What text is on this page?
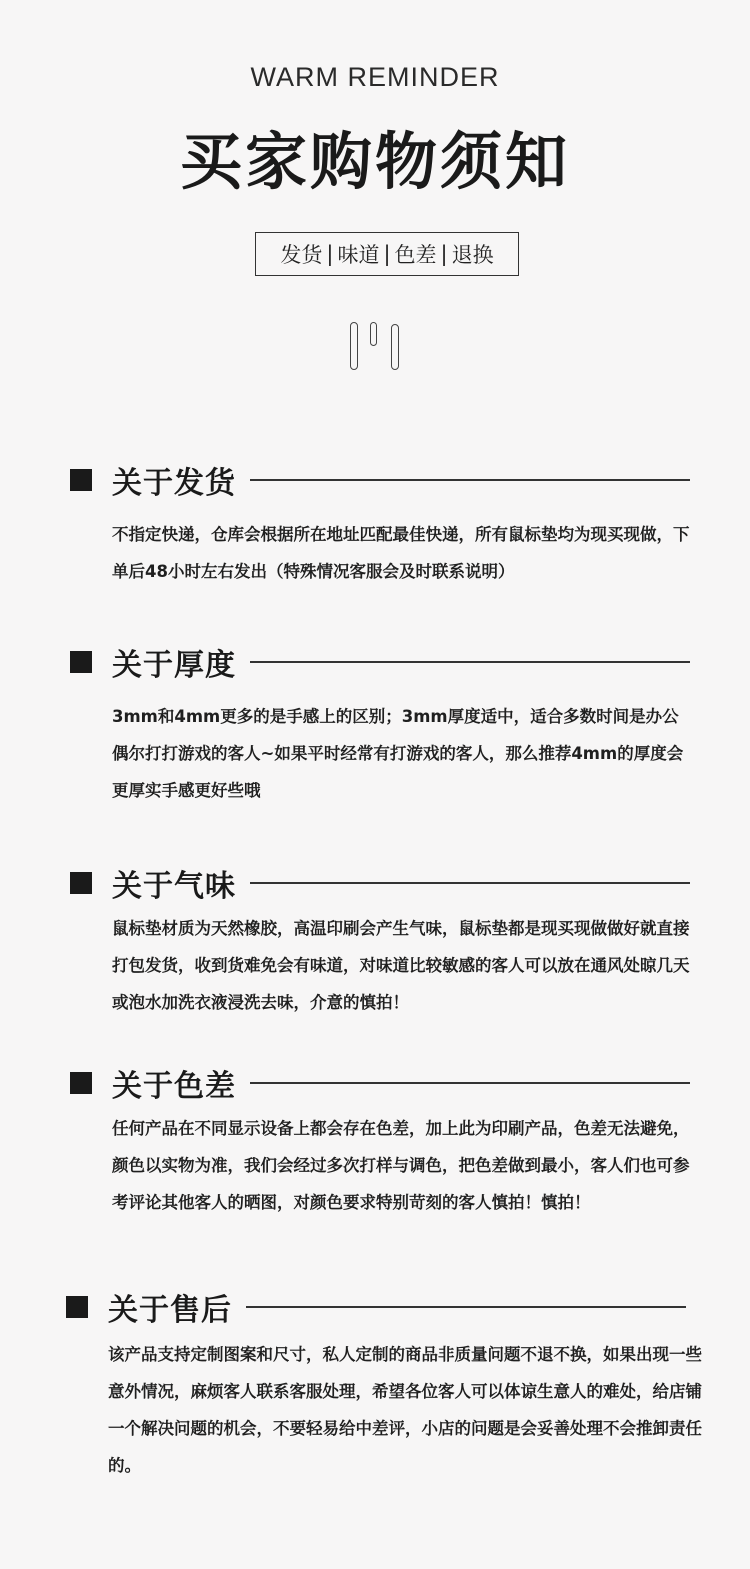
WARM REMINDER
买家购物须知
发货 | 味道 | 色差 | 退换
关于发货
不指定快递，仓库会根据所在地址匹配最佳快递，所有鼠标垫均为现买现做，下单后48小时左右发出（特殊情况客服会及时联系说明）
关于厚度
3mm和4mm更多的是手感上的区别；3mm厚度适中，适合多数时间是办公偶尔打打游戏的客人~如果平时经常有打游戏的客人，那么推荐4mm的厚度会更厚实手感更好些哦
关于气味
鼠标垫材质为天然橡胶，高温印刷会产生气味，鼠标垫都是现买现做做好就直接打包发货，收到货难免会有味道，对味道比较敏感的客人可以放在通风处晾几天或泡水加洗衣液浸洗去味，介意的慎拍！
关于色差
任何产品在不同显示设备上都会存在色差，加上此为印刷产品，色差无法避免，颜色以实物为准，我们会经过多次打样与调色，把色差做到最小，客人们也可参考评论其他客人的晒图，对颜色要求特别苛刻的客人慎拍！慎拍！
关于售后
该产品支持定制图案和尺寸，私人定制的商品非质量问题不退不换，如果出现一些意外情况，麻烦客人联系客服处理，希望各位客人可以体谅生意人的难处，给店铺一个解决问题的机会，不要轻易给中差评，小店的问题是会妥善处理不会推卸责任的。
